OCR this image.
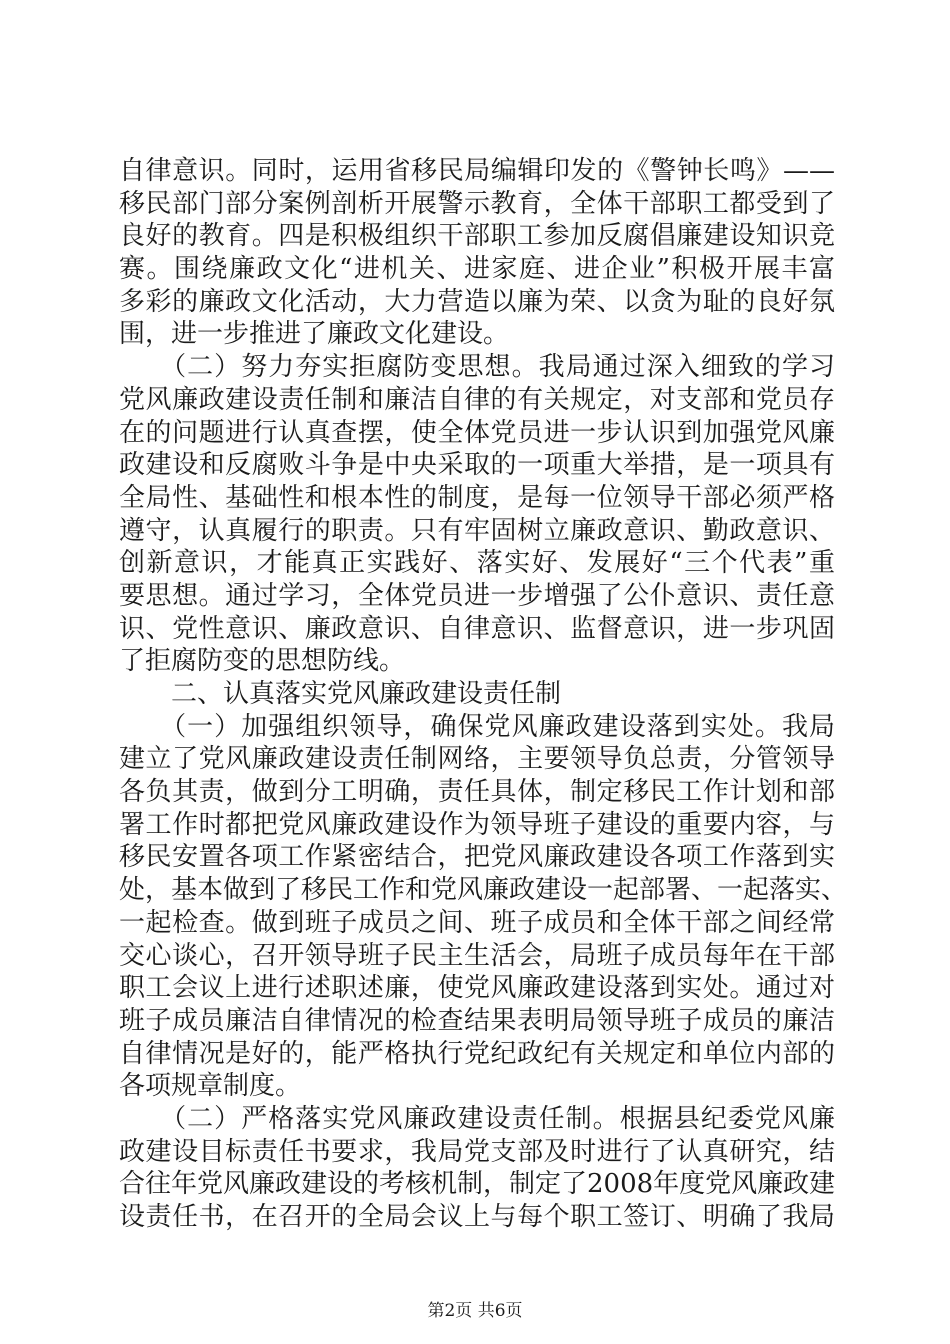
自律意识。同时，运用省移民局编辑印发的《警钟长鸣》——
移民部门部分案例剖析开展警示教育，全体干部职工都受到了
良好的教育。四是积极组织干部职工参加反腐倡廉建设知识竞
赛。围绕廉政文化“进机关、进家庭、进企业”积极开展丰富
多彩的廉政文化活动，大力营造以廉为荣、以贪为耻的良好氛
围，进一步推进了廉政文化建设。
　　（二）努力夯实拒腐防变思想。我局通过深入细致的学习
党风廉政建设责任制和廉洁自律的有关规定，对支部和党员存
在的问题进行认真查摆，使全体党员进一步认识到加强党风廉
政建设和反腐败斗争是中央采取的一项重大举措，是一项具有
全局性、基础性和根本性的制度，是每一位领导干部必须严格
遵守，认真履行的职责。只有牢固树立廉政意识、勤政意识、
创新意识，才能真正实践好、落实好、发展好“三个代表”重
要思想。通过学习，全体党员进一步增强了公仆意识、责任意
识、党性意识、廉政意识、自律意识、监督意识，进一步巩固
了拒腐防变的思想防线。
　　二、认真落实党风廉政建设责任制
　　（一）加强组织领导，确保党风廉政建设落到实处。我局
建立了党风廉政建设责任制网络，主要领导负总责，分管领导
各负其责，做到分工明确，责任具体，制定移民工作计划和部
署工作时都把党风廉政建设作为领导班子建设的重要内容，与
移民安置各项工作紧密结合，把党风廉政建设各项工作落到实
处，基本做到了移民工作和党风廉政建设一起部署、一起落实、
一起检查。做到班子成员之间、班子成员和全体干部之间经常
交心谈心，召开领导班子民主生活会，局班子成员每年在干部
职工会议上进行述职述廉，使党风廉政建设落到实处。通过对
班子成员廉洁自律情况的检查结果表明局领导班子成员的廉洁
自律情况是好的，能严格执行党纪政纪有关规定和单位内部的
各项规章制度。
　　（二）严格落实党风廉政建设责任制。根据县纪委党风廉
政建设目标责任书要求，我局党支部及时进行了认真研究，结
合往年党风廉政建设的考核机制，制定了2008年度党风廉政建
设责任书，在召开的全局会议上与每个职工签订、明确了我局
第2页 共6页
